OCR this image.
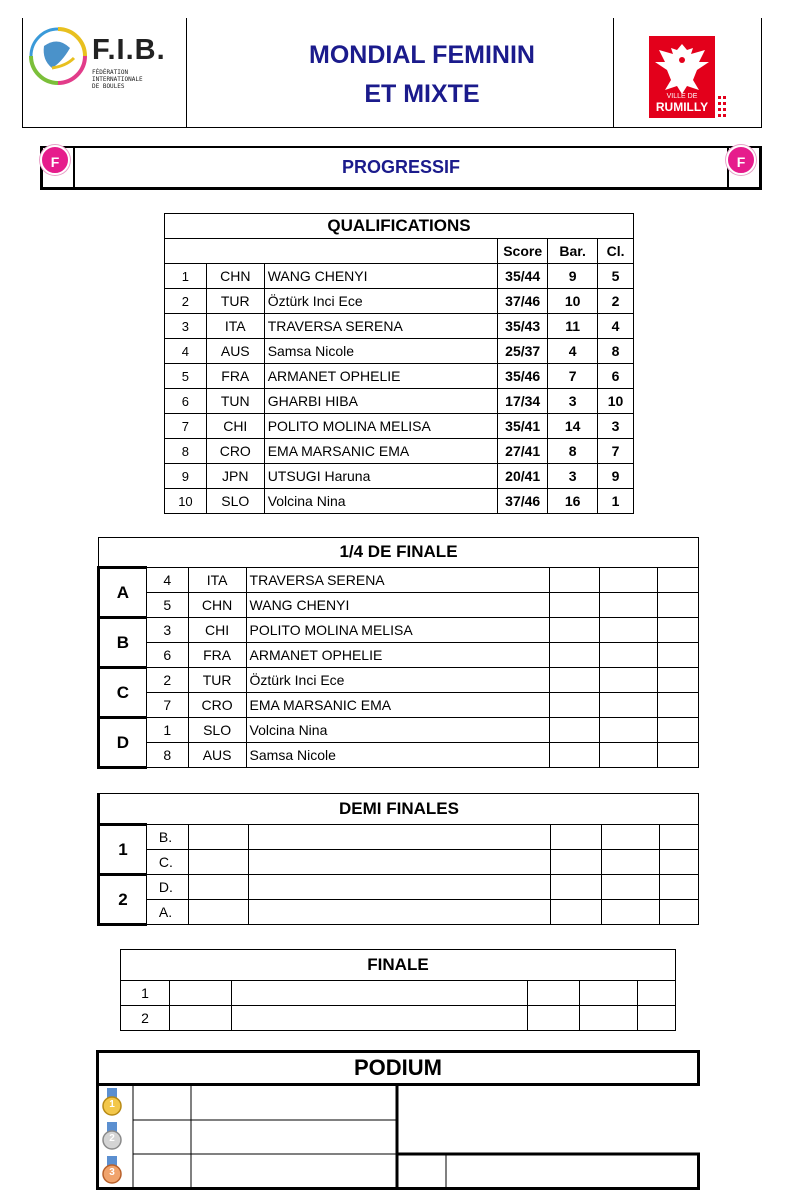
F.I.B.
FÉDÉRATION
INTERNATIONALE
DE BOULES
MONDIAL FEMININ
ET MIXTE	VILLE DE
RUMILLY
PROGRESSIF
F	F
QUALIFICATIONS					
			Score	Bar.	Cl.
1	CHN	WANG CHENYI	35/44	9	5
2	TUR	Öztürk Inci Ece	37/46	10	2
3	ITA	TRAVERSA SERENA	35/43	11	4
4	AUS	Samsa Nicole	25/37	4	8
5	FRA	ARMANET OPHELIE	35/46	7	6
6	TUN	GHARBI HIBA	17/34	3	10
7	CHI	POLITO MOLINA MELISA	35/41	14	3
8	CRO	EMA MARSANIC EMA	27/41	8	7
9	JPN	UTSUGI Haruna	20/41	3	9
10	SLO	Volcina Nina	37/46	16	1
1/4 DE FINALE						
A	4	ITA	TRAVERSA SERENA			
	5	CHN	WANG CHENYI			
B	3	CHI	POLITO MOLINA MELISA			
	6	FRA	ARMANET OPHELIE			
C	2	TUR	Öztürk Inci Ece			
	7	CRO	EMA MARSANIC EMA			
D	1	SLO	Volcina Nina			
	8	AUS	Samsa Nicole			
DEMI FINALES						
1	B.					
	C.					
2	D.					
	A.					
FINALE					
1					
2					
PODIUM
1
2
3
